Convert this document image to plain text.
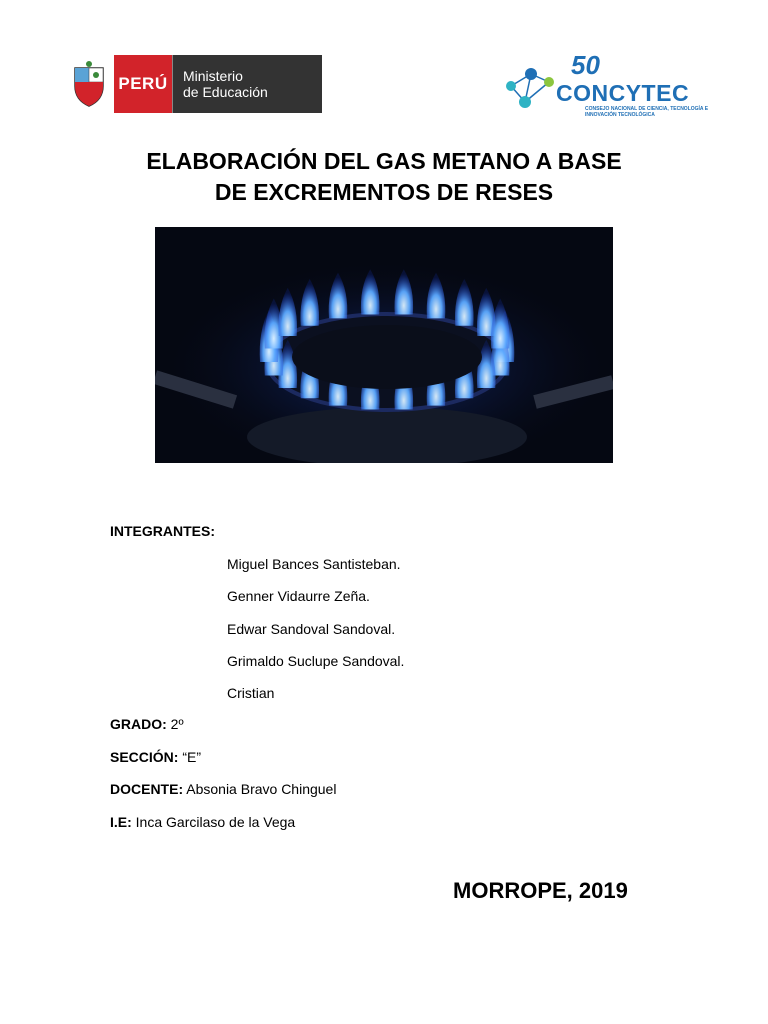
PERÚ	Ministerio
de Educación
50
CONCYTEC
CONSEJO NACIONAL DE CIENCIA, TECNOLOGÍA E INNOVACIÓN TECNOLÓGICA
ELABORACIÓN DEL GAS METANO A BASE
DE EXCREMENTOS DE RESES
INTEGRANTES:
Miguel Bances Santisteban.
Genner Vidaurre Zeña.
Edwar Sandoval Sandoval.
Grimaldo Suclupe Sandoval.
Cristian
GRADO: 2º
SECCIÓN: “E”
DOCENTE: Absonia Bravo Chinguel
I.E: Inca Garcilaso de la Vega
MORROPE, 2019
